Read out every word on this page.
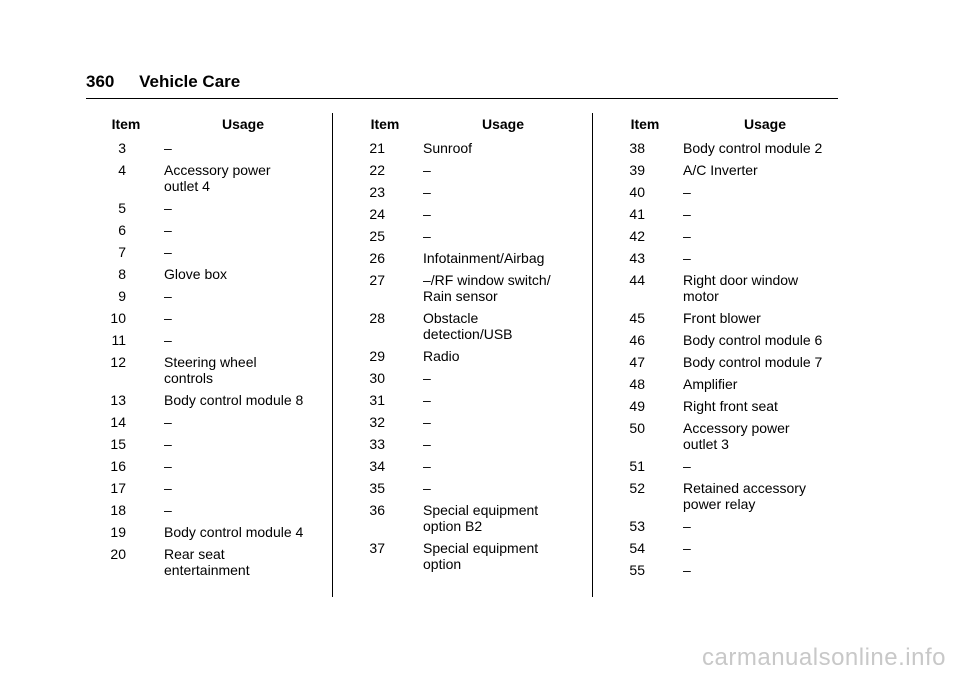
360 Vehicle Care
Item	Usage
3	–
4	Accessory power
outlet 4
5	–
6	–
7	–
8	Glove box
9	–
10	–
11	–
12	Steering wheel
controls
13	Body control module 8
14	–
15	–
16	–
17	–
18	–
19	Body control module 4
20	Rear seat
entertainment
Item	Usage
21	Sunroof
22	–
23	–
24	–
25	–
26	Infotainment/Airbag
27	–/RF window switch/
Rain sensor
28	Obstacle
detection/USB
29	Radio
30	–
31	–
32	–
33	–
34	–
35	–
36	Special equipment
option B2
37	Special equipment
option
Item	Usage
38	Body control module 2
39	A/C Inverter
40	–
41	–
42	–
43	–
44	Right door window
motor
45	Front blower
46	Body control module 6
47	Body control module 7
48	Amplifier
49	Right front seat
50	Accessory power
outlet 3
51	–
52	Retained accessory
power relay
53	–
54	–
55	–
carmanualsonline.info
